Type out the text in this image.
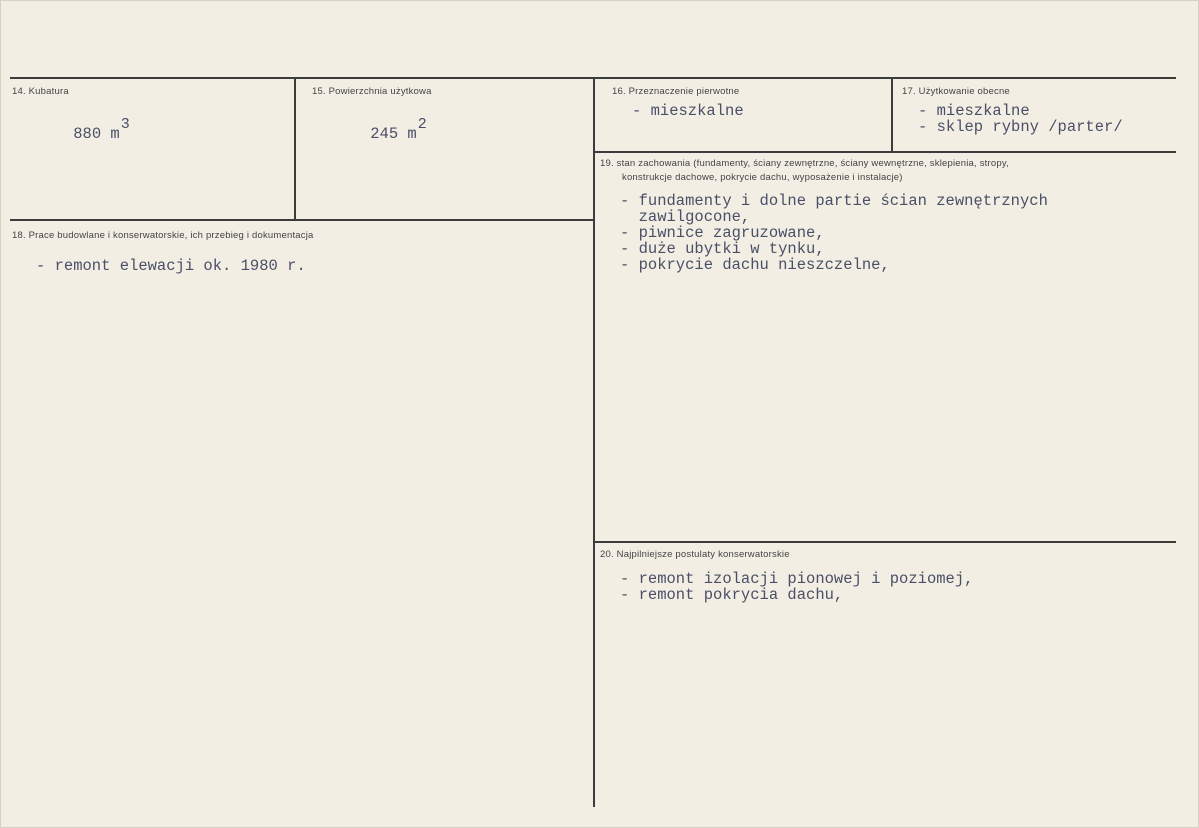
14. Kubatura

880 m3

15. Powierzchnia użytkowa

245 m2

16. Przeznaczenie pierwotne
- mieszkalne
17. Użytkowanie obecne
- mieszkalne
- sklep rybny /parter/
18. Prace budowlane i konserwatorskie, ich przebieg i dokumentacja
- remont elewacji ok. 1980 r.
19. stan zachowania (fundamenty, ściany zewnętrzne, ściany wewnętrzne, sklepienia, stropy,
konstrukcje dachowe, pokrycie dachu, wyposażenie i instalacje)
- fundamenty i dolne partie ścian zewnętrznych
zawilgocone,
- piwnice zagruzowane,
- duże ubytki w tynku,
- pokrycie dachu nieszczelne,
20. Najpilniejsze postulaty konserwatorskie
- remont izolacji pionowej i poziomej,
- remont pokrycia dachu,
